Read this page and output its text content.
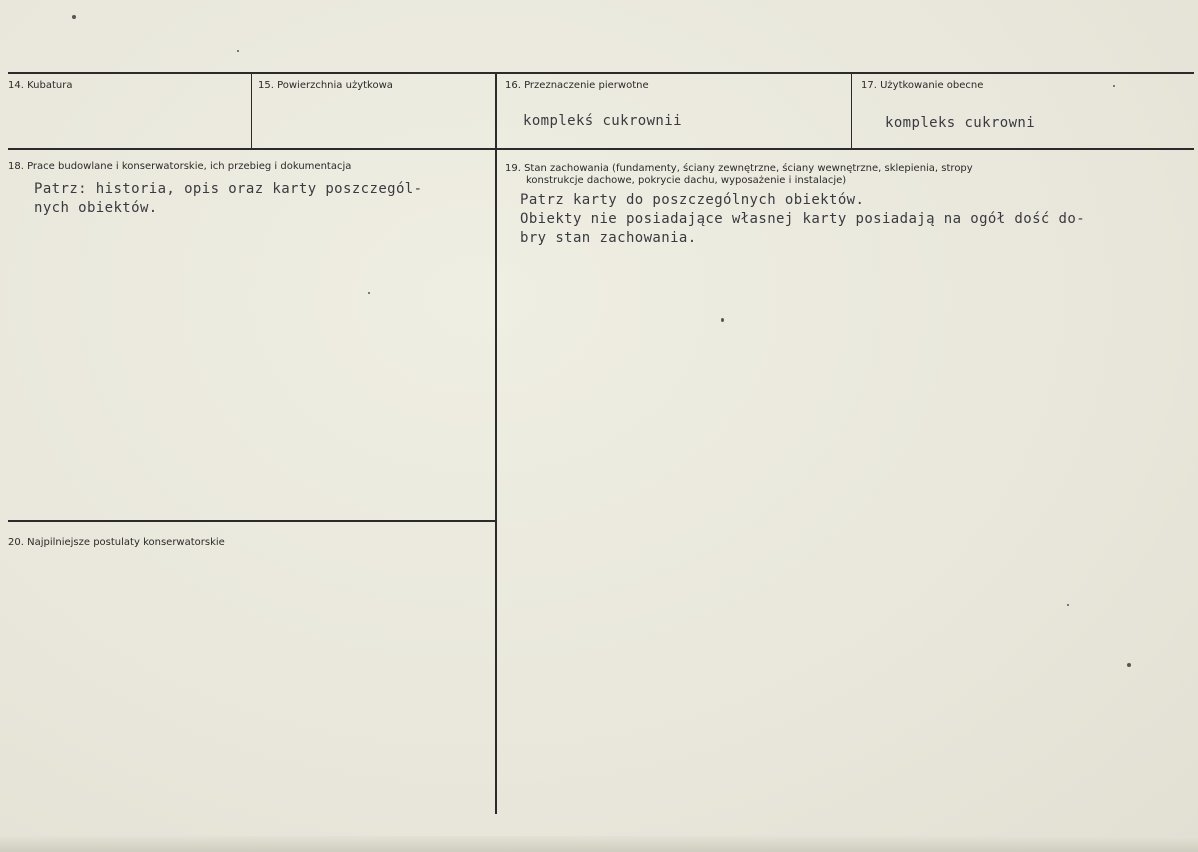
14. Kubatura	15. Powierzchnia użytkowa	16. Przeznaczenie pierwotne
komplekś cukrownii
17. Użytkowanie obecne
kompleks cukrowni
18. Prace budowlane i konserwatorskie, ich przebieg i dokumentacja
Patrz: historia, opis oraz karty poszczegól-
nych obiektów.
19. Stan zachowania (fundamenty, ściany zewnętrzne, ściany wewnętrzne, sklepienia, stropy
konstrukcje dachowe, pokrycie dachu, wyposażenie i instalacje)
Patrz karty do poszczególnych obiektów.
Obiekty nie posiadające własnej karty posiadają na ogół dość do-
bry stan zachowania.
20. Najpilniejsze postulaty konserwatorskie
